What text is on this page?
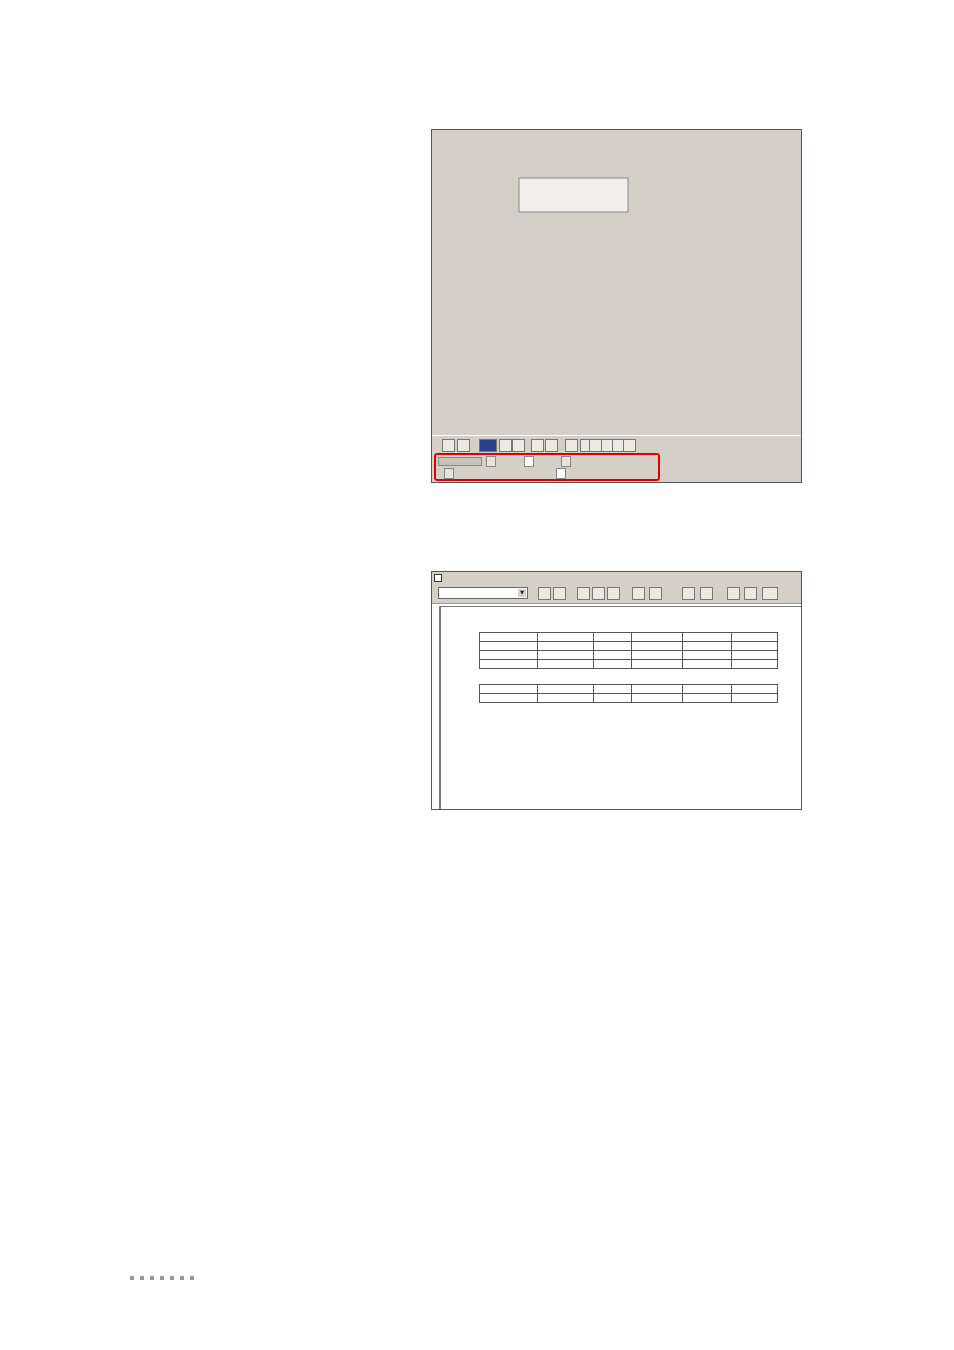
▼
